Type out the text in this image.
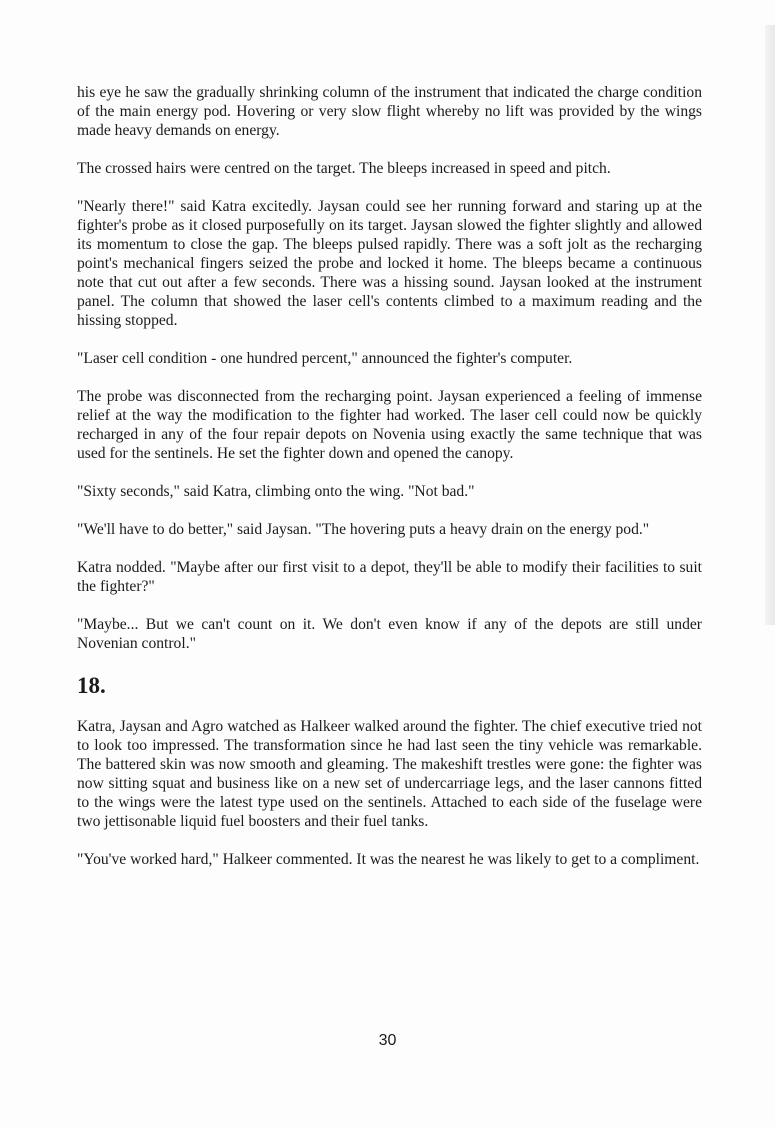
his eye he saw the gradually shrinking column of the instrument that indicated the charge condition of the main energy pod. Hovering or very slow flight whereby no lift was provided by the wings made heavy demands on energy.

The crossed hairs were centred on the target. The bleeps increased in speed and pitch.

"Nearly there!" said Katra excitedly. Jaysan could see her running forward and staring up at the fighter's probe as it closed purposefully on its target. Jaysan slowed the fighter slightly and allowed its momentum to close the gap. The bleeps pulsed rapidly. There was a soft jolt as the recharging point's mechanical fingers seized the probe and locked it home. The bleeps became a continuous note that cut out after a few seconds. There was a hissing sound. Jaysan looked at the instrument panel. The column that showed the laser cell's contents climbed to a maximum reading and the hissing stopped.

"Laser cell condition - one hundred percent," announced the fighter's computer.

The probe was disconnected from the recharging point. Jaysan experienced a feeling of immense relief at the way the modification to the fighter had worked. The laser cell could now be quickly recharged in any of the four repair depots on Novenia using exactly the same technique that was used for the sentinels. He set the fighter down and opened the canopy.

"Sixty seconds," said Katra, climbing onto the wing. "Not bad."

"We'll have to do better," said Jaysan. "The hovering puts a heavy drain on the energy pod."

Katra nodded. "Maybe after our first visit to a depot, they'll be able to modify their facilities to suit the fighter?"

"Maybe... But we can't count on it. We don't even know if any of the depots are still under Novenian control."

18.

Katra, Jaysan and Agro watched as Halkeer walked around the fighter. The chief executive tried not to look too impressed. The transformation since he had last seen the tiny vehicle was remarkable. The battered skin was now smooth and gleaming. The makeshift trestles were gone: the fighter was now sitting squat and business like on a new set of undercarriage legs, and the laser cannons fitted to the wings were the latest type used on the sentinels. Attached to each side of the fuselage were two jettisonable liquid fuel boosters and their fuel tanks.

"You've worked hard," Halkeer commented. It was the nearest he was likely to get to a compliment.

30
